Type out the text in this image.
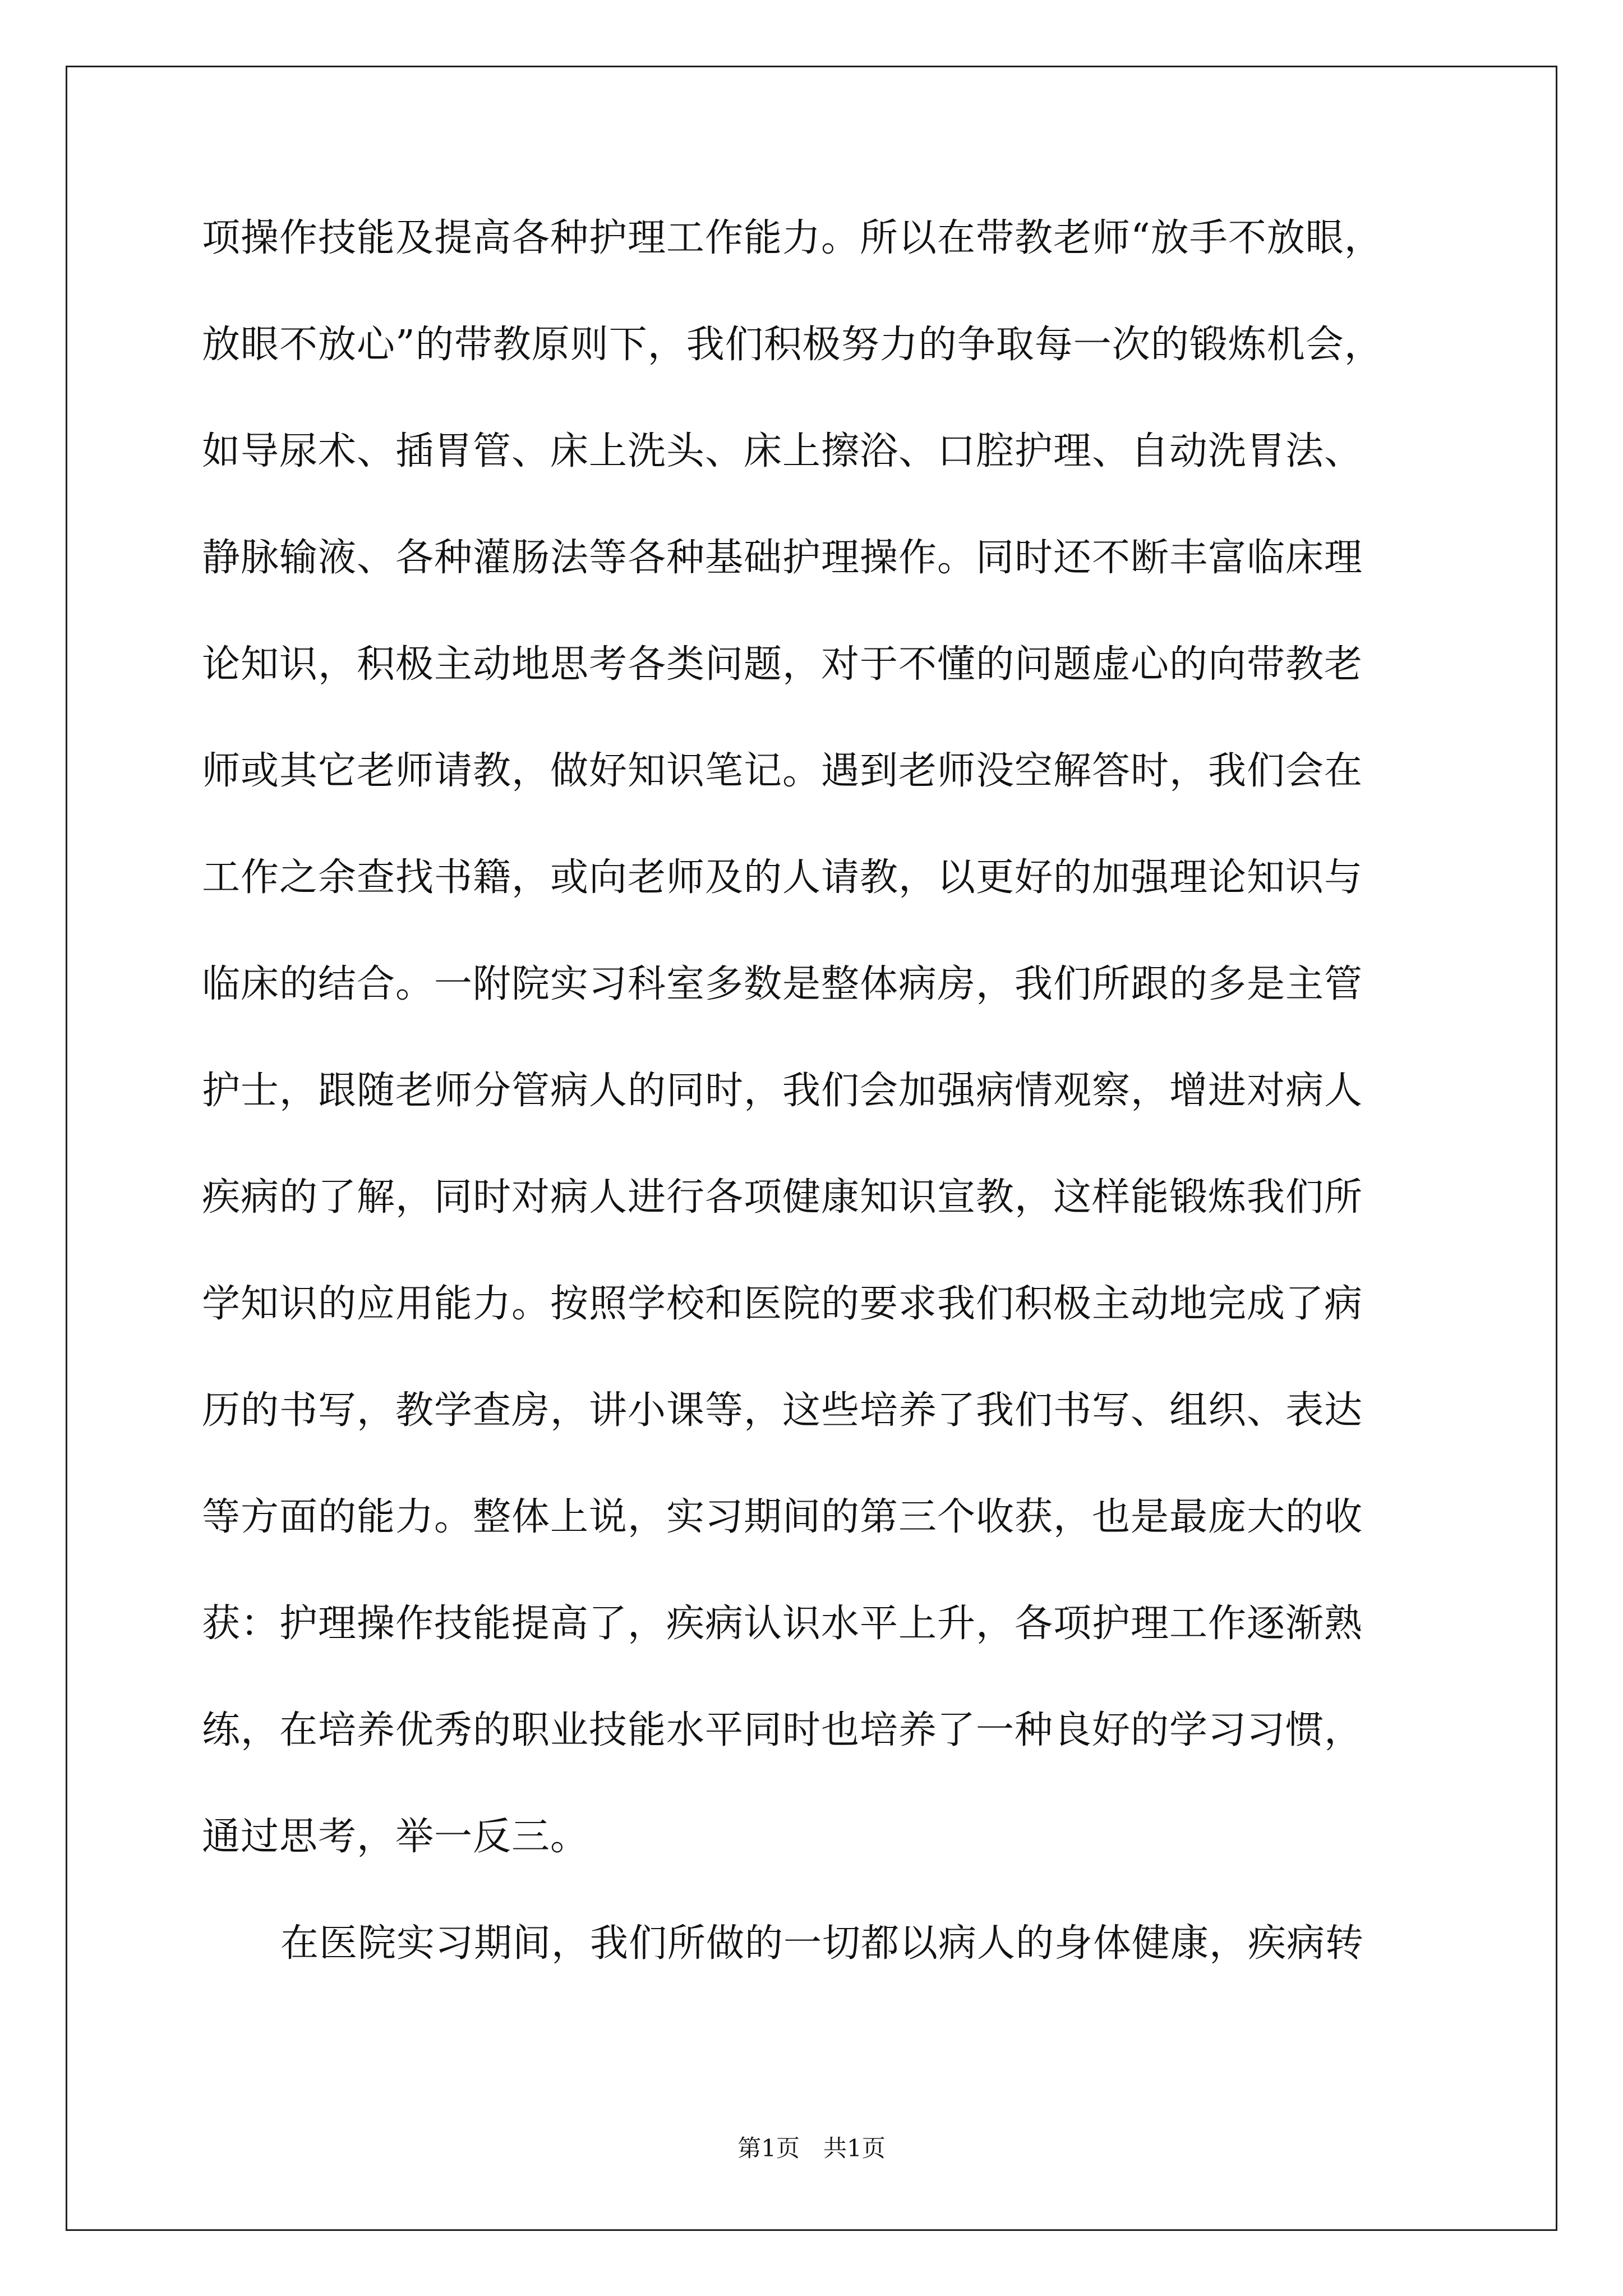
项操作技能及提高各种护理工作能力。所以在带教老师“放手不放眼，
放眼不放心”的带教原则下，我们积极努力的争取每一次的锻炼机会，
如导尿术、插胃管、床上洗头、床上擦浴、口腔护理、自动洗胃法、
静脉输液、各种灌肠法等各种基础护理操作。同时还不断丰富临床理
论知识，积极主动地思考各类问题，对于不懂的问题虚心的向带教老
师或其它老师请教，做好知识笔记。遇到老师没空解答时，我们会在
工作之余查找书籍，或向老师及的人请教，以更好的加强理论知识与
临床的结合。一附院实习科室多数是整体病房，我们所跟的多是主管
护士，跟随老师分管病人的同时，我们会加强病情观察，增进对病人
疾病的了解，同时对病人进行各项健康知识宣教，这样能锻炼我们所
学知识的应用能力。按照学校和医院的要求我们积极主动地完成了病
历的书写，教学查房，讲小课等，这些培养了我们书写、组织、表达
等方面的能力。整体上说，实习期间的第三个收获，也是最庞大的收
获：护理操作技能提高了，疾病认识水平上升，各项护理工作逐渐熟
练，在培养优秀的职业技能水平同时也培养了一种良好的学习习惯，
通过思考，举一反三。
在医院实习期间，我们所做的一切都以病人的身体健康，疾病转
第1页　共1页
